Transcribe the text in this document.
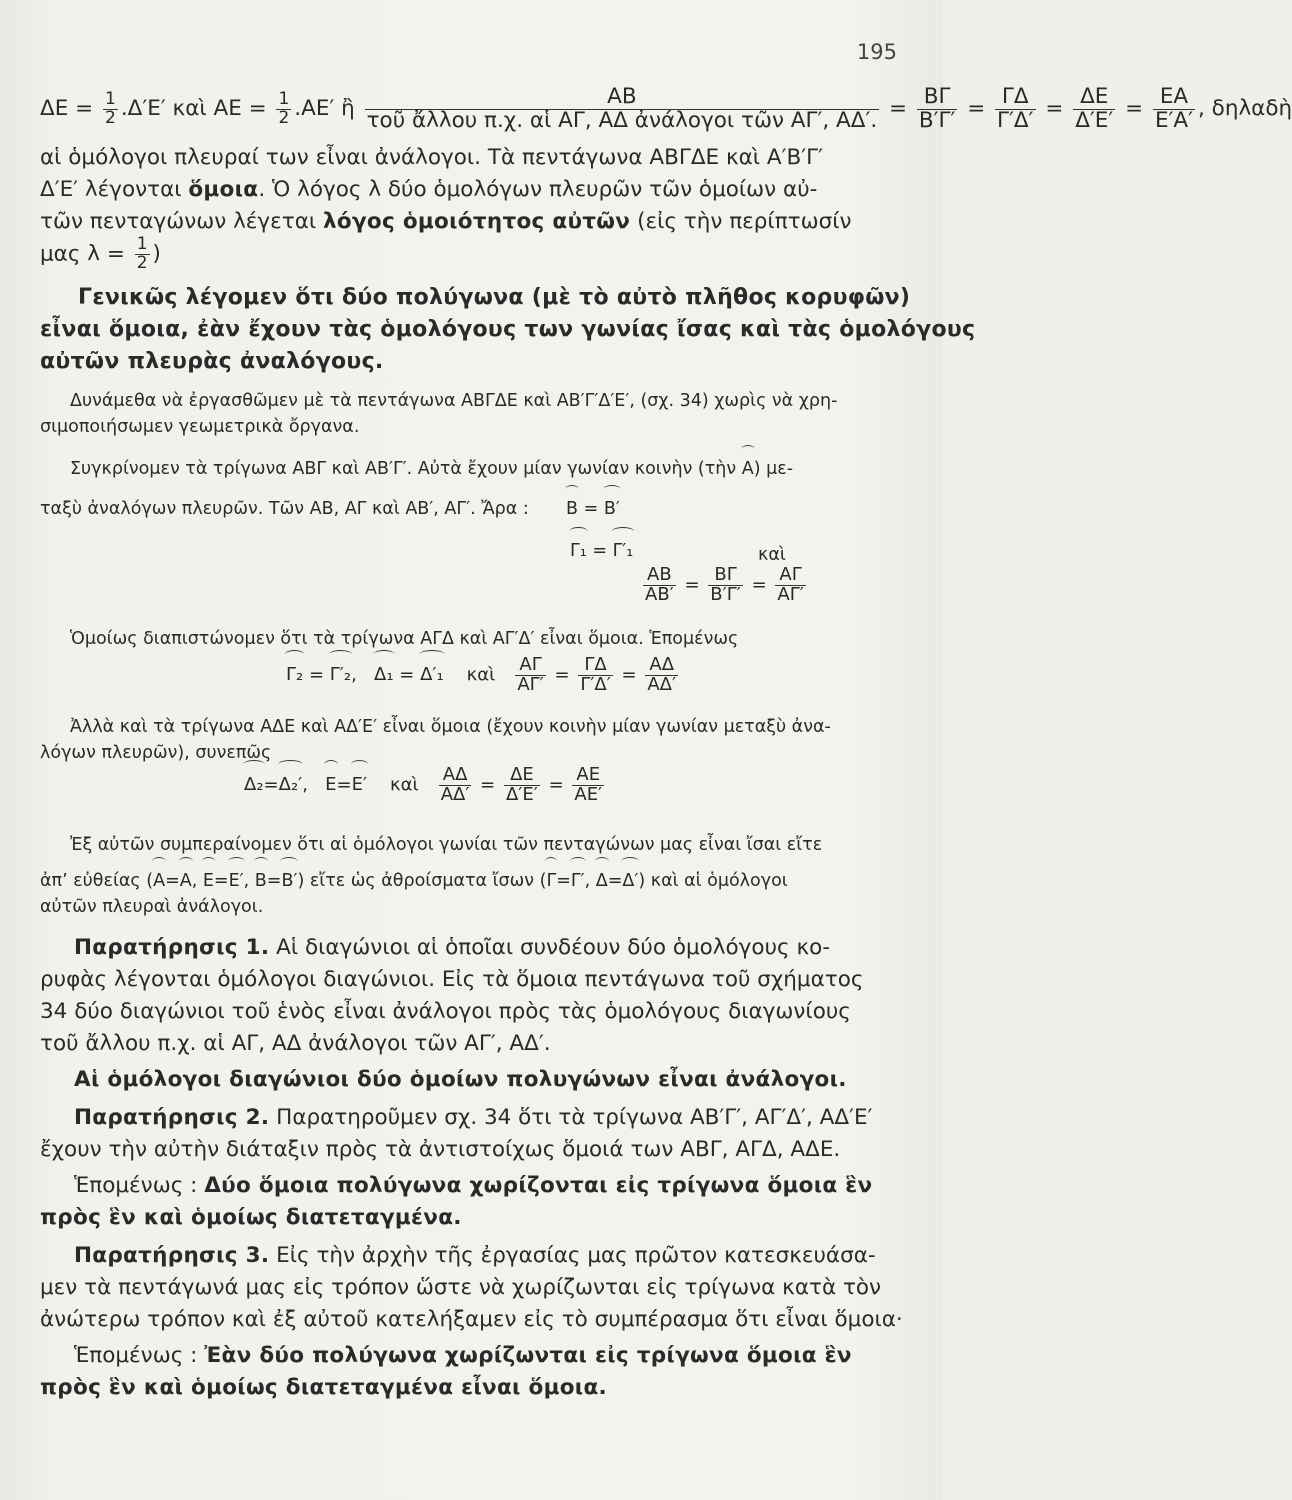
195
$\Delta E = \frac{1}{2} .\Delta'E'$ καὶ $AE = \frac{1}{2} .AE'$ ἢ $\frac{AB}{\text{τοῦ ἄλλου π.χ. αἱ ΑΓ, ΑΔ ἀνάλογοι τῶν ΑΓ′, ΑΔ′.}} = \frac{B\Gamma}{B'\Gamma'} = \frac{\Gamma\Delta}{\Gamma'\Delta'} = \frac{\Delta E}{\Delta'E'} = \frac{EA}{E'A'}$ , δηλαδὴ
αἱ ὁμόλογοι πλευραί των εἶναι ἀνάλογοι. Τὰ πεντάγωνα ΑΒΓΔΕ καὶ Α′Β′Γ′
Δ′Ε′ λέγονται ὅμοια. Ὁ λόγος λ δύο ὁμολόγων πλευρῶν τῶν ὁμοίων αὐ-
τῶν πενταγώνων λέγεται λόγος ὁμοιότητος αὐτῶν (εἰς τὴν περίπτωσίν
μας $\lambda = \frac{1}{2}$ )
Γενικῶς λέγομεν ὅτι δύο πολύγωνα (μὲ τὸ αὐτὸ πλῆθος κορυφῶν)
εἶναι ὅμοια, ἐὰν ἔχουν τὰς ὁμολόγους των γωνίας ἴσας καὶ τὰς ὁμολόγους
αὐτῶν πλευρὰς ἀναλόγους.
Δυνάμεθα νὰ ἐργασθῶμεν μὲ τὰ πεντάγωνα ΑΒΓΔΕ καὶ ΑΒ′Γ′Δ′Ε′, (σχ. 34) χωρὶς νὰ χρη-
σιμοποιήσωμεν γεωμετρικὰ ὄργανα.
Συγκρίνομεν τὰ τρίγωνα ΑΒΓ καὶ ΑΒ′Γ′. Αὐτὰ ἔχουν μίαν γωνίαν κοινὴν (τὴν Α) με-
ταξὺ ἀναλόγων πλευρῶν. Τῶν ΑΒ, ΑΓ καὶ ΑΒ′, ΑΓ′. Ἄρα : Β = Β′
Γ₁ = Γ′₁	καὶ
$\frac{AB}{AB'} = \frac{B\Gamma}{B'\Gamma'} = \frac{A\Gamma}{A\Gamma'}$
Ὁμοίως διαπιστώνομεν ὅτι τὰ τρίγωνα ΑΓΔ καὶ ΑΓ′Δ′ εἶναι ὅμοια. Ἑπομένως
Γ₂ = Γ′₂,   Δ₁ = Δ′₁ καὶ $\frac{A\Gamma}{A\Gamma'} = \frac{\Gamma\Delta}{\Gamma'\Delta'} = \frac{A\Delta}{A\Delta'}$
Ἀλλὰ καὶ τὰ τρίγωνα ΑΔΕ καὶ ΑΔ′Ε′ εἶναι ὅμοια (ἔχουν κοινὴν μίαν γωνίαν μεταξὺ ἀνα-
λόγων πλευρῶν), συνεπῶς
Δ₂=Δ₂′,   Ε=Ε′ καὶ $\frac{A\Delta}{A\Delta'} = \frac{\Delta E}{\Delta'E'} = \frac{AE}{AE'}$
Ἐξ αὐτῶν συμπεραίνομεν ὅτι αἱ ὁμόλογοι γωνίαι τῶν πενταγώνων μας εἶναι ἴσαι εἴτε
ἀπ’ εὐθείας (Α=Α, Ε=Ε′, Β=Β′) εἴτε ὡς ἀθροίσματα ἴσων (Γ=Γ′, Δ=Δ′) καὶ αἱ ὁμόλογοι
αὐτῶν πλευραὶ ἀνάλογοι.
Παρατήρησις 1. Αἱ διαγώνιοι αἱ ὁποῖαι συνδέουν δύο ὁμολόγους κο-
ρυφὰς λέγονται ὁμόλογοι διαγώνιοι. Εἰς τὰ ὅμοια πεντάγωνα τοῦ σχήματος
34 δύο διαγώνιοι τοῦ ἑνὸς εἶναι ἀνάλογοι πρὸς τὰς ὁμολόγους διαγωνίους
τοῦ ἄλλου π.χ. αἱ ΑΓ, ΑΔ ἀνάλογοι τῶν ΑΓ′, ΑΔ′.
Αἱ ὁμόλογοι διαγώνιοι δύο ὁμοίων πολυγώνων εἶναι ἀνάλογοι.
Παρατήρησις 2. Παρατηροῦμεν σχ. 34 ὅτι τὰ τρίγωνα ΑΒ′Γ′, ΑΓ′Δ′, ΑΔ′Ε′
ἔχουν τὴν αὐτὴν διάταξιν πρὸς τὰ ἀντιστοίχως ὅμοιά των ΑΒΓ, ΑΓΔ, ΑΔΕ.
Ἑπομένως : Δύο ὅμοια πολύγωνα χωρίζονται εἰς τρίγωνα ὅμοια ἓν
πρὸς ἓν καὶ ὁμοίως διατεταγμένα.
Παρατήρησις 3. Εἰς τὴν ἀρχὴν τῆς ἐργασίας μας πρῶτον κατεσκευάσα-
μεν τὰ πεντάγωνά μας εἰς τρόπον ὥστε νὰ χωρίζωνται εἰς τρίγωνα κατὰ τὸν
ἀνώτερω τρόπον καὶ ἐξ αὐτοῦ κατελήξαμεν εἰς τὸ συμπέρασμα ὅτι εἶναι ὅμοια·
Ἑπομένως : Ἐὰν δύο πολύγωνα χωρίζωνται εἰς τρίγωνα ὅμοια ἓν
πρὸς ἓν καὶ ὁμοίως διατεταγμένα εἶναι ὅμοια.
